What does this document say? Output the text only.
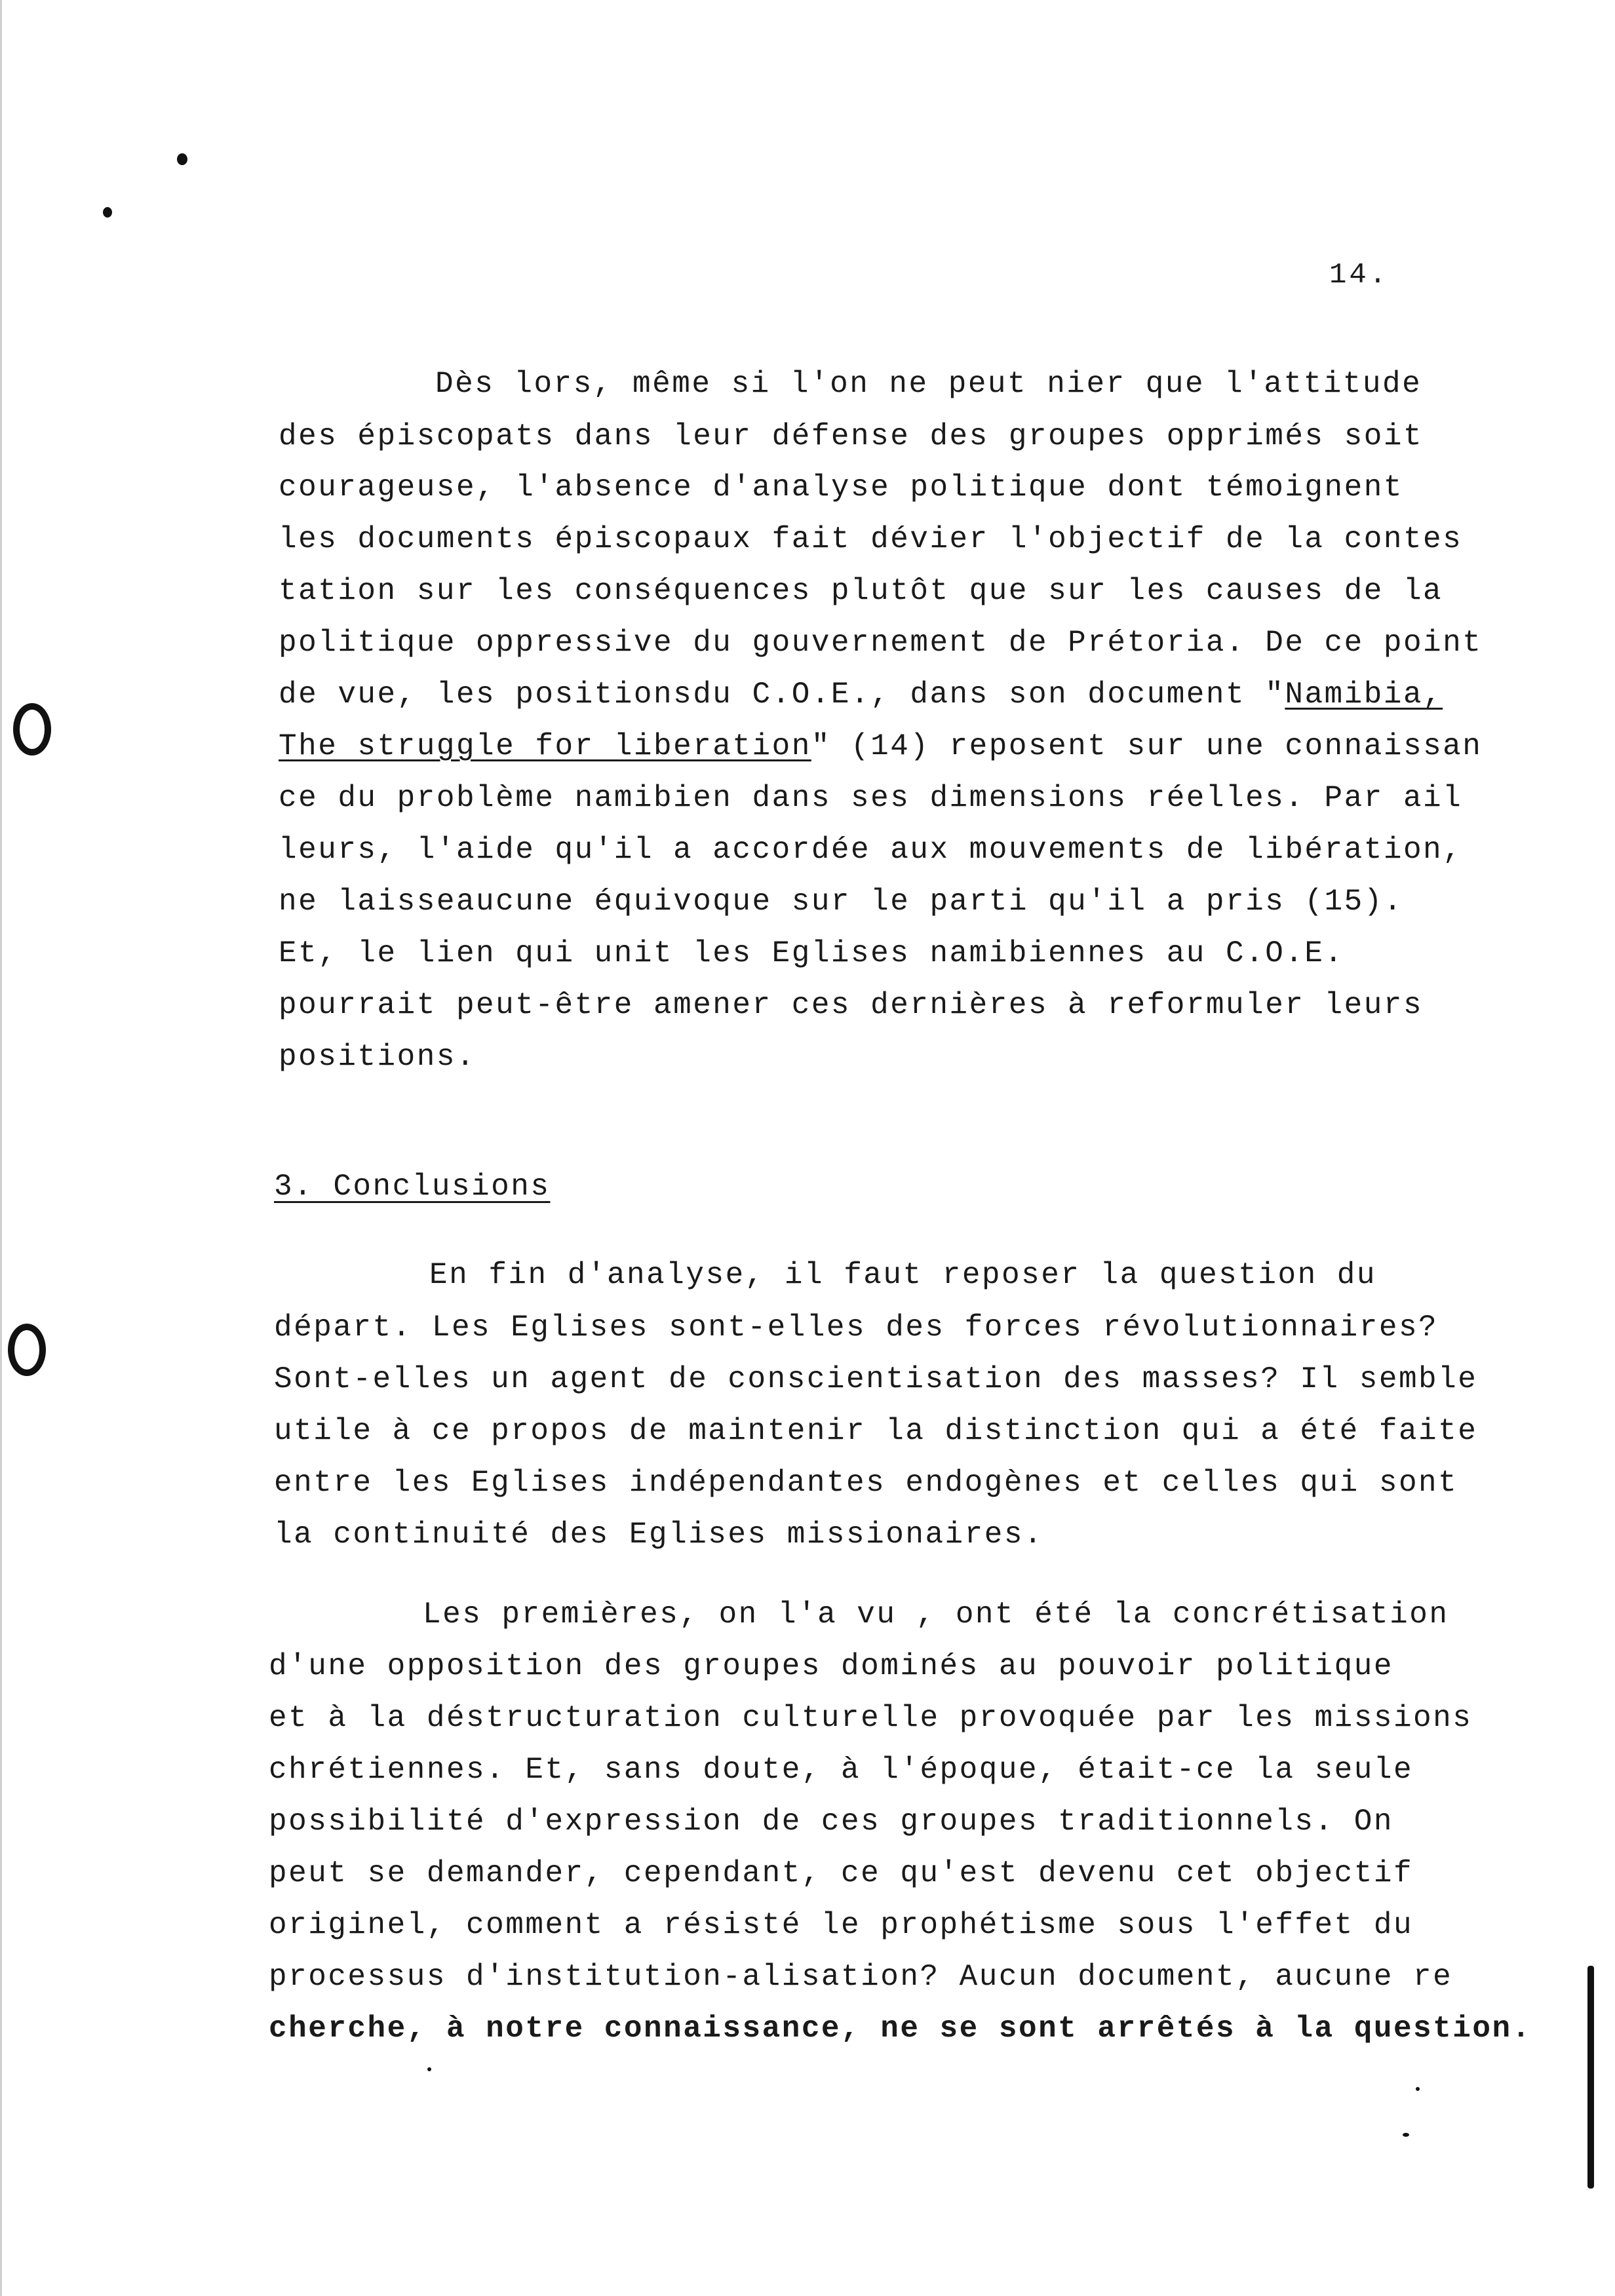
14.
Dès lors, même si l'on ne peut nier que l'attitude
des épiscopats dans leur défense des groupes opprimés soit
courageuse, l'absence d'analyse politique dont témoignent
les documents épiscopaux fait dévier l'objectif de la contes
tation sur les conséquences plutôt que sur les causes de la
politique oppressive du gouvernement de Prétoria. De ce point
de vue, les positionsdu C.O.E., dans son document "Namibia,
The struggle for liberation" (14) reposent sur une connaissan
ce du problème namibien dans ses dimensions réelles. Par ail
leurs, l'aide qu'il a accordée aux mouvements de libération,
ne laisseaucune équivoque sur le parti qu'il a pris (15).
Et, le lien qui unit les Eglises namibiennes au C.O.E.
pourrait peut-être amener ces dernières à reformuler leurs
positions.
3. Conclusions
En fin d'analyse, il faut reposer la question du
départ. Les Eglises sont-elles des forces révolutionnaires?
Sont-elles un agent de conscientisation des masses? Il semble
utile à ce propos de maintenir la distinction qui a été faite
entre les Eglises indépendantes endogènes et celles qui sont
la continuité des Eglises missionaires.
Les premières, on l'a vu , ont été la concrétisation
d'une opposition des groupes dominés au pouvoir politique
et à la déstructuration culturelle provoquée par les missions
chrétiennes. Et, sans doute, à l'époque, était-ce la seule
possibilité d'expression de ces groupes traditionnels. On
peut se demander, cependant, ce qu'est devenu cet objectif
originel, comment a résisté le prophétisme sous l'effet du
processus d'institution-alisation? Aucun document, aucune re
cherche, à notre connaissance, ne se sont arrêtés à la question.
